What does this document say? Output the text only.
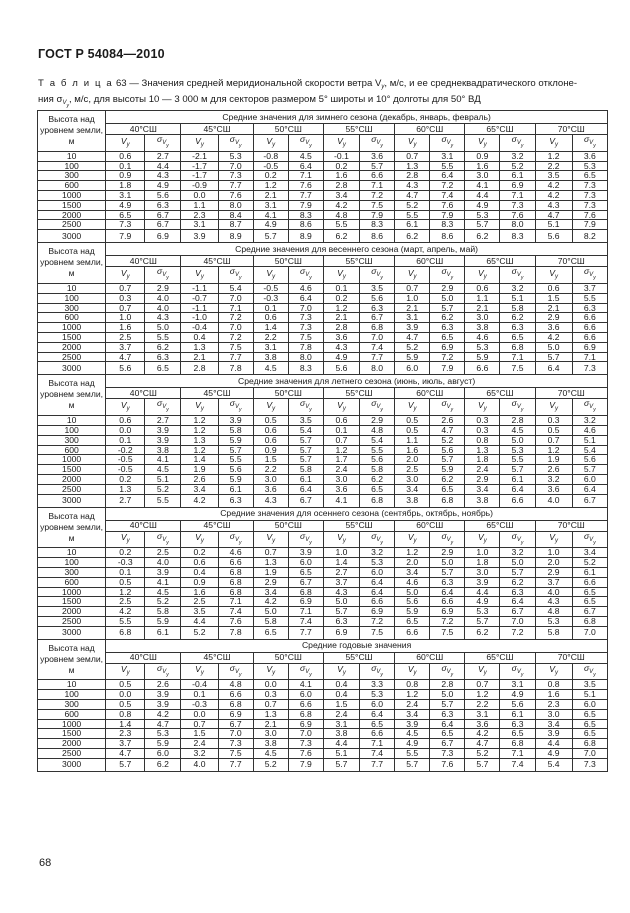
ГОСТ Р 54084—2010
Т а б л и ц а 63 — Значения средней меридиональной скорости ветра $V_y$, м/с, и ее среднеквадратического отклоне-
ния $\sigma_{V_y}$, м/с, для высоты 10 — 3 000 м для секторов размером 5° широты и 10° долготы для 50° ВД
Высота над уровнем земли, м	Средние значения для зимнего сезона (декабрь, январь, февраль)													
	40°СШ		45°СШ		50°СШ		55°СШ		60°СШ		65°СШ		70°СШ	
	$V_y$	$\sigma_{V_y}$	$V_y$	$\sigma_{V_y}$	$V_y$	$\sigma_{V_y}$	$V_y$	$\sigma_{V_y}$	$V_y$	$\sigma_{V_y}$	$V_y$	$\sigma_{V_y}$	$V_y$	$\sigma_{V_y}$
10	0.6	2.7	-2.1	5.3	-0.8	4.5	-0.1	3.6	0.7	3.1	0.9	3.2	1.2	3.6
100	0.1	4.4	-1.7	7.0	-0.5	6.4	0.2	5.7	1.3	5.5	1.6	5.2	2.2	5.3
300	0.9	4.3	-1.7	7.3	0.2	7.1	1.6	6.6	2.8	6.4	3.0	6.1	3.5	6.5
600	1.8	4.9	-0.9	7.7	1.2	7.6	2.8	7.1	4.3	7.2	4.1	6.9	4.2	7.3
1000	3.1	5.6	0.0	7.6	2.1	7.7	3.4	7.2	4.7	7.4	4.4	7.1	4.2	7.3
1500	4.9	6.3	1.1	8.0	3.1	7.9	4.2	7.5	5.2	7.6	4.9	7.3	4.3	7.3
2000	6.5	6.7	2.3	8.4	4.1	8.3	4.8	7.9	5.5	7.9	5.3	7.6	4.7	7.6
2500	7.3	6.7	3.1	8.7	4.9	8.6	5.5	8.3	6.1	8.3	5.7	8.0	5.1	7.9
3000	7.9	6.9	3.9	8.9	5.7	8.9	6.2	8.6	6.2	8.6	6.2	8.3	5.6	8.2
Высота над уровнем земли, м	Средние значения для весеннего сезона (март, апрель, май)													
	40°СШ		45°СШ		50°СШ		55°СШ		60°СШ		65°СШ		70°СШ	
	$V_y$	$\sigma_{V_y}$	$V_y$	$\sigma_{V_y}$	$V_y$	$\sigma_{V_y}$	$V_y$	$\sigma_{V_y}$	$V_y$	$\sigma_{V_y}$	$V_y$	$\sigma_{V_y}$	$V_y$	$\sigma_{V_y}$
10	0.7	2.9	-1.1	5.4	-0.5	4.6	0.1	3.5	0.7	2.9	0.6	3.2	0.6	3.7
100	0.3	4.0	-0.7	7.0	-0.3	6.4	0.2	5.6	1.0	5.0	1.1	5.1	1.5	5.5
300	0.7	4.0	-1.1	7.1	0.1	7.0	1.2	6.3	2.1	5.7	2.1	5.8	2.1	6.3
600	1.0	4.3	-1.0	7.2	0.6	7.3	2.1	6.7	3.1	6.2	3.0	6.2	2.9	6.6
1000	1.6	5.0	-0.4	7.0	1.4	7.3	2.8	6.8	3.9	6.3	3.8	6.3	3.6	6.6
1500	2.5	5.5	0.4	7.2	2.2	7.5	3.6	7.0	4.7	6.5	4.6	6.5	4.2	6.6
2000	3.7	6.2	1.3	7.5	3.1	7.8	4.3	7.4	5.2	6.9	5.3	6.8	5.0	6.9
2500	4.7	6.3	2.1	7.7	3.8	8.0	4.9	7.7	5.9	7.2	5.9	7.1	5.7	7.1
3000	5.6	6.5	2.8	7.8	4.5	8.3	5.6	8.0	6.0	7.9	6.6	7.5	6.4	7.3
Высота над уровнем земли, м	Средние значения для летнего сезона (июнь, июль, август)													
	40°СШ		45°СШ		50°СШ		55°СШ		60°СШ		65°СШ		70°СШ	
	$V_y$	$\sigma_{V_y}$	$V_y$	$\sigma_{V_y}$	$V_y$	$\sigma_{V_y}$	$V_y$	$\sigma_{V_y}$	$V_y$	$\sigma_{V_y}$	$V_y$	$\sigma_{V_y}$	$V_y$	$\sigma_{V_y}$
10	0.6	2.7	1.2	3.9	0.5	3.5	0.6	2.9	0.5	2.6	0.3	2.8	0.3	3.2
100	0.0	3.9	1.2	5.8	0.6	5.4	0.1	4.8	0.5	4.7	0.3	4.5	0.5	4.6
300	0.1	3.9	1.3	5.9	0.6	5.7	0.7	5.4	1.1	5.2	0.8	5.0	0.7	5.1
600	-0.2	3.8	1.2	5.7	0.9	5.7	1.2	5.5	1.6	5.6	1.3	5.3	1.2	5.4
1000	-0.5	4.1	1.4	5.5	1.5	5.7	1.7	5.6	2.0	5.7	1.8	5.5	1.9	5.6
1500	-0.5	4.5	1.9	5.6	2.2	5.8	2.4	5.8	2.5	5.9	2.4	5.7	2.6	5.7
2000	0.2	5.1	2.6	5.9	3.0	6.1	3.0	6.2	3.0	6.2	2.9	6.1	3.2	6.0
2500	1.3	5.2	3.4	6.1	3.6	6.4	3.6	6.5	3.4	6.5	3.4	6.4	3.6	6.4
3000	2.7	5.5	4.2	6.3	4.3	6.7	4.1	6.8	3.8	6.8	3.8	6.6	4.0	6.7
Высота над уровнем земли, м	Средние значения для осеннего сезона (сентябрь, октябрь, ноябрь)													
	40°СШ		45°СШ		50°СШ		55°СШ		60°СШ		65°СШ		70°СШ	
	$V_y$	$\sigma_{V_y}$	$V_y$	$\sigma_{V_y}$	$V_y$	$\sigma_{V_y}$	$V_y$	$\sigma_{V_y}$	$V_y$	$\sigma_{V_y}$	$V_y$	$\sigma_{V_y}$	$V_y$	$\sigma_{V_y}$
10	0.2	2.5	0.2	4.6	0.7	3.9	1.0	3.2	1.2	2.9	1.0	3.2	1.0	3.4
100	-0.3	4.0	0.6	6.6	1.3	6.0	1.4	5.3	2.0	5.0	1.8	5.0	2.0	5.2
300	0.1	3.9	0.4	6.8	1.9	6.5	2.7	6.0	3.4	5.7	3.0	5.7	2.9	6.1
600	0.5	4.1	0.9	6.8	2.9	6.7	3.7	6.4	4.6	6.3	3.9	6.2	3.7	6.6
1000	1.2	4.5	1.6	6.8	3.4	6.8	4.3	6.4	5.0	6.4	4.4	6.3	4.0	6.5
1500	2.5	5.2	2.5	7.1	4.2	6.9	5.0	6.6	5.6	6.6	4.9	6.4	4.3	6.5
2000	4.2	5.8	3.5	7.4	5.0	7.1	5.7	6.9	5.9	6.9	5.3	6.7	4.8	6.7
2500	5.5	5.9	4.4	7.6	5.8	7.4	6.3	7.2	6.5	7.2	5.7	7.0	5.3	6.8
3000	6.8	6.1	5.2	7.8	6.5	7.7	6.9	7.5	6.6	7.5	6.2	7.2	5.8	7.0
Высота над уровнем земли, м	Средние годовые значения													
	40°СШ		45°СШ		50°СШ		55°СШ		60°СШ		65°СШ		70°СШ	
	$V_y$	$\sigma_{V_y}$	$V_y$	$\sigma_{V_y}$	$V_y$	$\sigma_{V_y}$	$V_y$	$\sigma_{V_y}$	$V_y$	$\sigma_{V_y}$	$V_y$	$\sigma_{V_y}$	$V_y$	$\sigma_{V_y}$
10	0.5	2.6	-0.4	4.8	0.0	4.1	0.4	3.3	0.8	2.8	0.7	3.1	0.8	3.5
100	0.0	3.9	0.1	6.6	0.3	6.0	0.4	5.3	1.2	5.0	1.2	4.9	1.6	5.1
300	0.5	3.9	-0.3	6.8	0.7	6.6	1.5	6.0	2.4	5.7	2.2	5.6	2.3	6.0
600	0.8	4.2	0.0	6.9	1.3	6.8	2.4	6.4	3.4	6.3	3.1	6.1	3.0	6.5
1000	1.4	4.7	0.7	6.7	2.1	6.9	3.1	6.5	3.9	6.4	3.6	6.3	3.4	6.5
1500	2.3	5.3	1.5	7.0	3.0	7.0	3.8	6.6	4.5	6.5	4.2	6.5	3.9	6.5
2000	3.7	5.9	2.4	7.3	3.8	7.3	4.4	7.1	4.9	6.7	4.7	6.8	4.4	6.8
2500	4.7	6.0	3.2	7.5	4.5	7.6	5.1	7.4	5.5	7.3	5.2	7.1	4.9	7.0
3000	5.7	6.2	4.0	7.7	5.2	7.9	5.7	7.7	5.7	7.6	5.7	7.4	5.4	7.3
68
